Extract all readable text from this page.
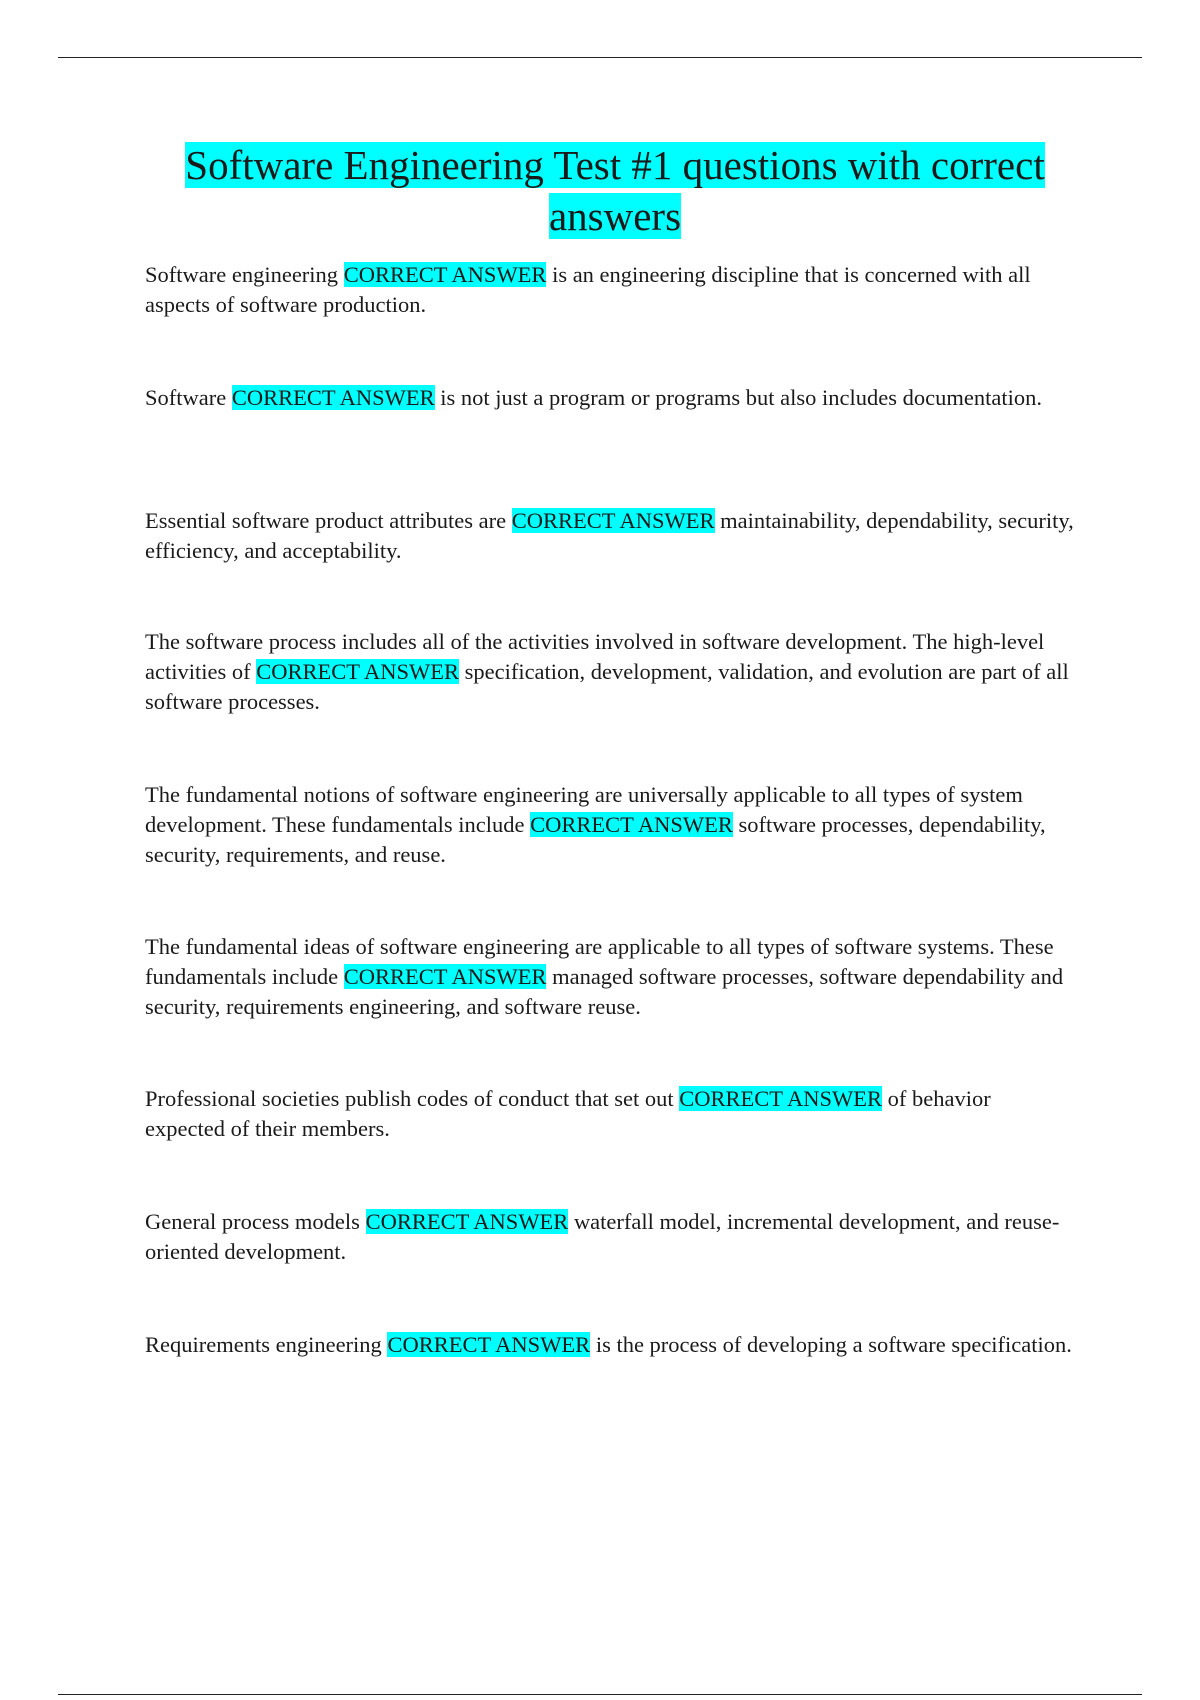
Software Engineering Test #1 questions with correct answers

Software engineering CORRECT ANSWER is an engineering discipline that is concerned with all aspects of software production.

Software CORRECT ANSWER is not just a program or programs but also includes documentation.

Essential software product attributes are CORRECT ANSWER maintainability, dependability, security, efficiency, and acceptability.

The software process includes all of the activities involved in software development. The high-level activities of CORRECT ANSWER specification, development, validation, and evolution are part of all software processes.

The fundamental notions of software engineering are universally applicable to all types of system development. These fundamentals include CORRECT ANSWER software processes, dependability, security, requirements, and reuse.

The fundamental ideas of software engineering are applicable to all types of software systems. These fundamentals include CORRECT ANSWER managed software processes, software dependability and security, requirements engineering, and software reuse.

Professional societies publish codes of conduct that set out CORRECT ANSWER of behavior expected of their members.

General process models CORRECT ANSWER waterfall model, incremental development, and reuse-oriented development.

Requirements engineering CORRECT ANSWER is the process of developing a software specification.
